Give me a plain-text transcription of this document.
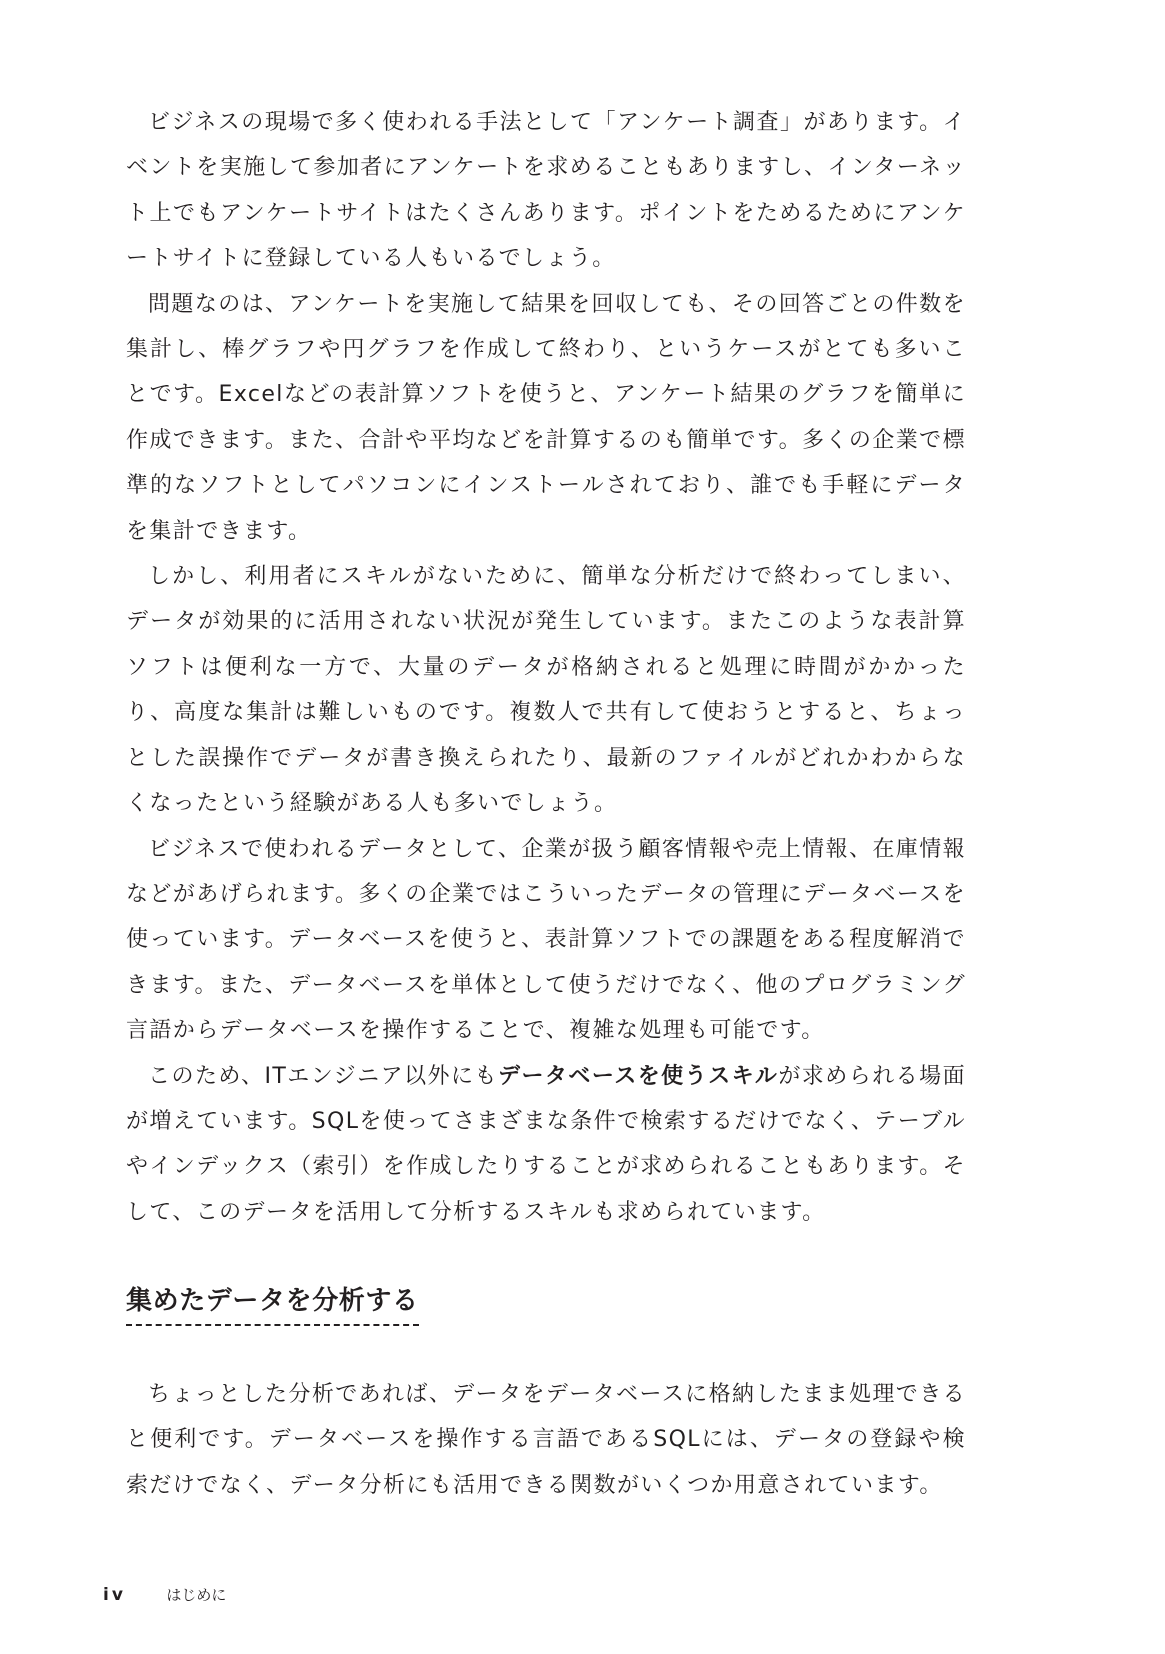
ビジネスの現場で多く使われる手法として「アンケート調査」があります。イベントを実施して参加者にアンケートを求めることもありますし、インターネット上でもアンケートサイトはたくさんあります。ポイントをためるためにアンケートサイトに登録している人もいるでしょう。

問題なのは、アンケートを実施して結果を回収しても、その回答ごとの件数を集計し、棒グラフや円グラフを作成して終わり、というケースがとても多いことです。Excelなどの表計算ソフトを使うと、アンケート結果のグラフを簡単に作成できます。また、合計や平均などを計算するのも簡単です。多くの企業で標準的なソフトとしてパソコンにインストールされており、誰でも手軽にデータを集計できます。

しかし、利用者にスキルがないために、簡単な分析だけで終わってしまい、データが効果的に活用されない状況が発生しています。またこのような表計算ソフトは便利な一方で、大量のデータが格納されると処理に時間がかかったり、高度な集計は難しいものです。複数人で共有して使おうとすると、ちょっとした誤操作でデータが書き換えられたり、最新のファイルがどれかわからなくなったという経験がある人も多いでしょう。

ビジネスで使われるデータとして、企業が扱う顧客情報や売上情報、在庫情報などがあげられます。多くの企業ではこういったデータの管理にデータベースを使っています。データベースを使うと、表計算ソフトでの課題をある程度解消できます。また、データベースを単体として使うだけでなく、他のプログラミング言語からデータベースを操作することで、複雑な処理も可能です。

このため、ITエンジニア以外にもデータベースを使うスキルが求められる場面が増えています。SQLを使ってさまざまな条件で検索するだけでなく、テーブルやインデックス（索引）を作成したりすることが求められることもあります。そして、このデータを活用して分析するスキルも求められています。

集めたデータを分析する

ちょっとした分析であれば、データをデータベースに格納したまま処理できると便利です。データベースを操作する言語であるSQLには、データの登録や検索だけでなく、データ分析にも活用できる関数がいくつか用意されています。

iv	はじめに
